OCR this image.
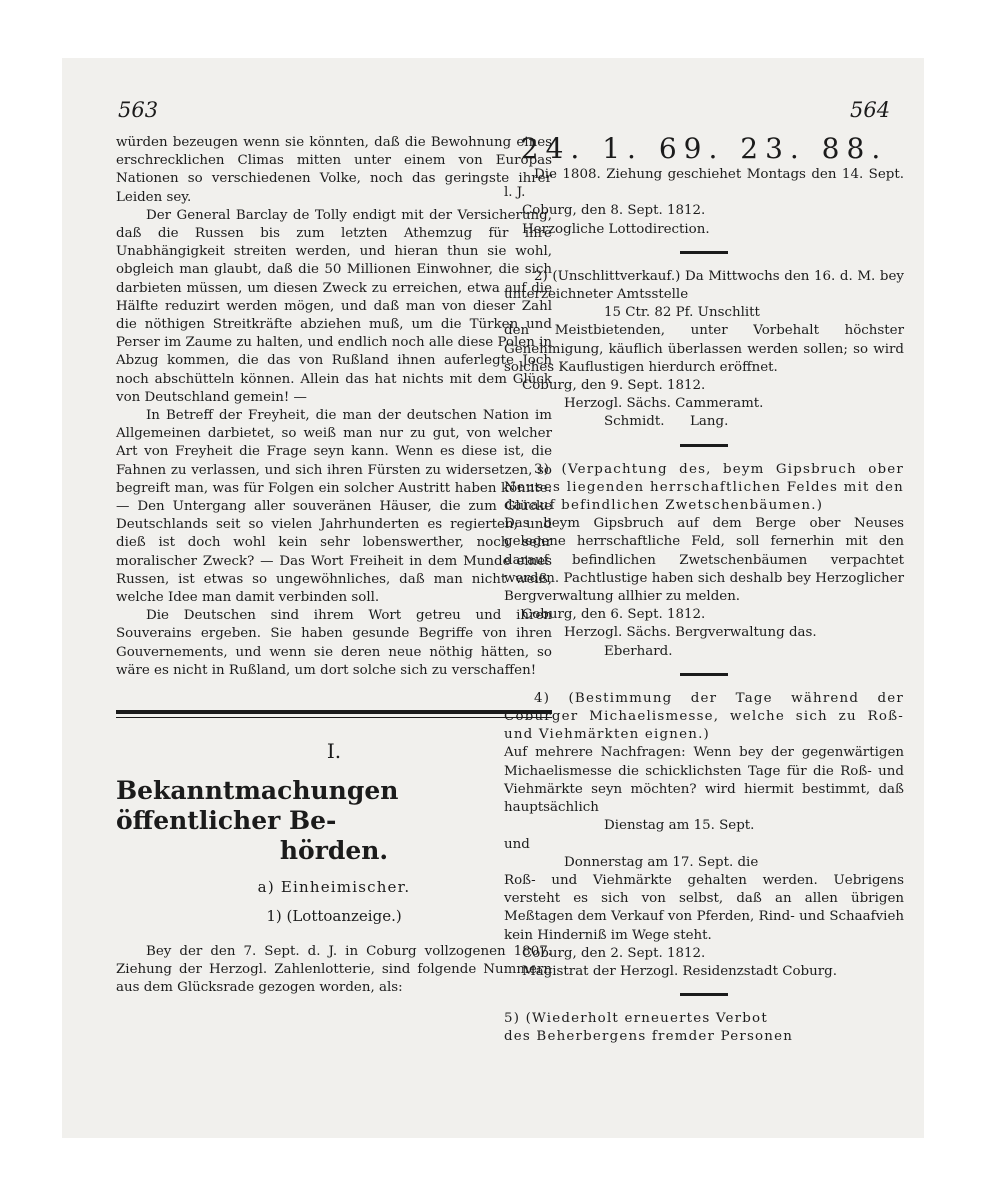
563	564

würden bezeugen wenn sie könnten, daß die Bewohnung eines erschrecklichen Climas mitten unter einem von Europas Nationen so verschiedenen Volke, noch das geringste ihrer Leiden sey.

Der General Barclay de Tolly endigt mit der Versicherung, daß die Russen bis zum letzten Athemzug für ihre Unabhängigkeit streiten werden, und hieran thun sie wohl, obgleich man glaubt, daß die 50 Millionen Einwohner, die sich darbieten müssen, um diesen Zweck zu erreichen, etwa auf die Hälfte reduzirt werden mögen, und daß man von dieser Zahl die nöthigen Streitkräfte abziehen muß, um die Türken und Perser im Zaume zu halten, und endlich noch alle diese Polen in Abzug kommen, die das von Rußland ihnen auferlegte Joch noch abschütteln können. Allein das hat nichts mit dem Glück von Deutschland gemein! —

In Betreff der Freyheit, die man der deutschen Nation im Allgemeinen darbietet, so weiß man nur zu gut, von welcher Art von Freyheit die Frage seyn kann. Wenn es diese ist, die Fahnen zu verlassen, und sich ihren Fürsten zu widersetzen, so begreift man, was für Folgen ein solcher Austritt haben könnte. — Den Untergang aller souveränen Häuser, die zum Glücke Deutschlands seit so vielen Jahrhunderten es regierten; und dieß ist doch wohl kein sehr lobenswerther, noch sehr moralischer Zweck? — Das Wort Freiheit in dem Munde eines Russen, ist etwas so ungewöhnliches, daß man nicht weiß, welche Idee man damit verbinden soll.

Die Deutschen sind ihrem Wort getreu und ihren Souverains ergeben. Sie haben gesunde Begriffe von ihren Gouvernements, und wenn sie deren neue nöthig hätten, so wäre es nicht in Rußland, um dort solche sich zu verschaffen!

I.
Bekanntmachungen öffentlicher Be-
hörden.
a) Einheimischer.
1) (Lottoanzeige.)

Bey der den 7. Sept. d. J. in Coburg vollzogenen 1807. Ziehung der Herzogl. Zahlenlotterie, sind folgende Nummern aus dem Glücksrade gezogen worden, als:

24. 1. 69. 23. 88.

Die 1808. Ziehung geschiehet Montags den 14. Sept. l. J.

Coburg, den 8. Sept. 1812.
Herzogliche Lottodirection.

2) (Unschlittverkauf.) Da Mittwochs den 16. d. M. bey unterzeichneter Amtsstelle

15 Ctr. 82 Pf. Unschlitt

den Meistbietenden, unter Vorbehalt höchster Genehmigung, käuflich überlassen werden sollen; so wird solches Kauflustigen hierdurch eröffnet.

Coburg, den 9. Sept. 1812.
Herzogl. Sächs. Cammeramt.
Schmidt.      Lang.

3) (Verpachtung des, beym Gipsbruch ober Neuses liegenden herrschaftlichen Feldes mit den darauf befindlichen Zwetschenbäumen.)

Das beym Gipsbruch auf dem Berge ober Neuses gelegene herrschaftliche Feld, soll fernerhin mit den darauf befindlichen Zwetschenbäumen verpachtet werden. Pachtlustige haben sich deshalb bey Herzoglicher Bergverwaltung allhier zu melden.

Coburg, den 6. Sept. 1812.
Herzogl. Sächs. Bergverwaltung das.
Eberhard.

4) (Bestimmung der Tage während der Coburger Michaelismesse, welche sich zu Roß- und Viehmärkten eignen.)

Auf mehrere Nachfragen: Wenn bey der gegenwärtigen Michaelismesse die schicklichsten Tage für die Roß- und Viehmärkte seyn möchten? wird hiermit bestimmt, daß hauptsächlich

Dienstag am 15. Sept.
und
Donnerstag am 17. Sept. die

Roß- und Viehmärkte gehalten werden. Uebrigens versteht es sich von selbst, daß an allen übrigen Meßtagen dem Verkauf von Pferden, Rind- und Schaafvieh kein Hinderniß im Wege steht.

Coburg, den 2. Sept. 1812.
Magistrat der Herzogl. Residenzstadt Coburg.
5) (Wiederholt erneuertes Verbot
des Beherbergens fremder Personen
